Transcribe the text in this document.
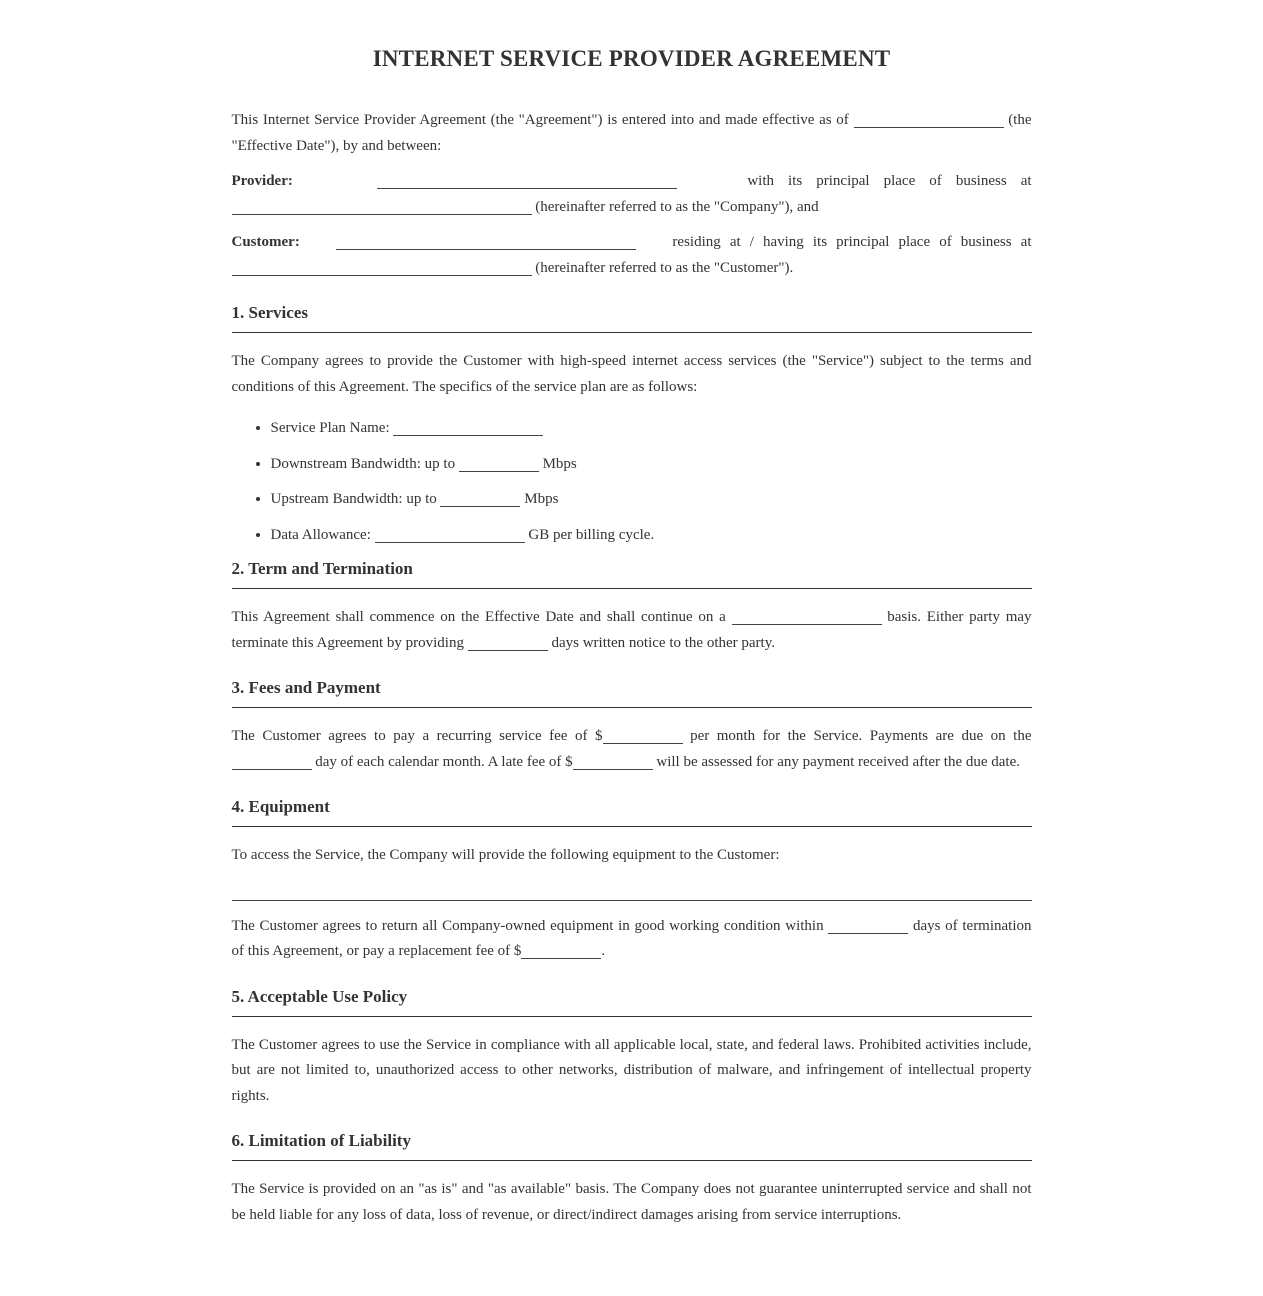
INTERNET SERVICE PROVIDER AGREEMENT

This Internet Service Provider Agreement (the "Agreement") is entered into and made effective as of	(the "Effective Date"), by and between:

Provider:	with its principal place of business at  (hereinafter referred to as the "Company"), and

Customer:	residing at / having its principal place of business at  (hereinafter referred to as the "Customer").

1. Services

The Company agrees to provide the Customer with high-speed internet access services (the "Service") subject to the terms and conditions of this Agreement. The specifics of the service plan are as follows:

• Service Plan Name:
• Downstream Bandwidth: up to	Mbps
• Upstream Bandwidth: up to	Mbps
• Data Allowance:	GB per billing cycle.
2. Term and Termination

This Agreement shall commence on the Effective Date and shall continue on a	basis. Either party may terminate this Agreement by providing	days written notice to the other party.

3. Fees and Payment

The Customer agrees to pay a recurring service fee of $	per month for the Service. Payments are due on the  day of each calendar month. A late fee of $	will be assessed for any payment received after the due date.

4. Equipment

To access the Service, the Company will provide the following equipment to the Customer:

The Customer agrees to return all Company-owned equipment in good working condition within	days of termination of this Agreement, or pay a replacement fee of $	.

5. Acceptable Use Policy

The Customer agrees to use the Service in compliance with all applicable local, state, and federal laws. Prohibited activities include, but are not limited to, unauthorized access to other networks, distribution of malware, and infringement of intellectual property rights.

6. Limitation of Liability

The Service is provided on an "as is" and "as available" basis. The Company does not guarantee uninterrupted service and shall not be held liable for any loss of data, loss of revenue, or direct/indirect damages arising from service interruptions.
